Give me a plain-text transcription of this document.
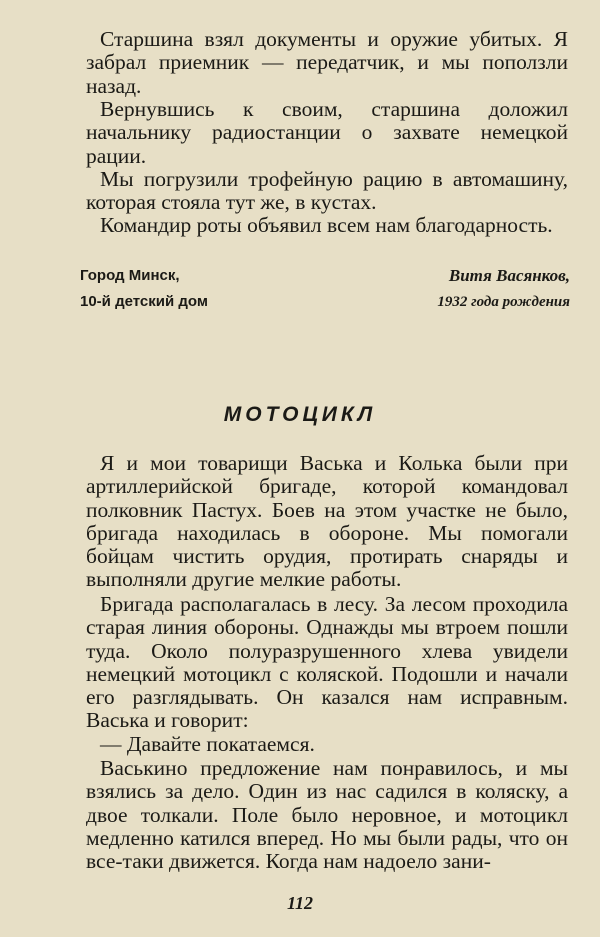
Старшина взял документы и оружие убитых. Я забрал приемник — передатчик, и мы поползли назад.

Вернувшись к своим, старшина доложил начальнику радиостанции о захвате немецкой рации.

Мы погрузили трофейную рацию в автомашину, которая стояла тут же, в кустах.

Командир роты объявил всем нам благодарность.

Город Минск,
10-й детский дом
Витя Васянков,
1932 года рождения
МОТОЦИКЛ

Я и мои товарищи Васька и Колька были при артиллерийской бригаде, которой командовал полковник Пастух. Боев на этом участке не было, бригада находилась в обороне. Мы помогали бойцам чистить орудия, протирать снаряды и выполняли другие мелкие работы.

Бригада располагалась в лесу. За лесом проходила старая линия обороны. Однажды мы втроем пошли туда. Около полуразрушенного хлева увидели немецкий мотоцикл с коляской. Подошли и начали его разглядывать. Он казался нам исправным. Васька и говорит:

— Давайте покатаемся.

Васькино предложение нам понравилось, и мы взялись за дело. Один из нас садился в коляску, а двое толкали. Поле было неровное, и мотоцикл медленно катился вперед. Но мы были рады, что он все-таки движется. Когда нам надоело зани-

112
